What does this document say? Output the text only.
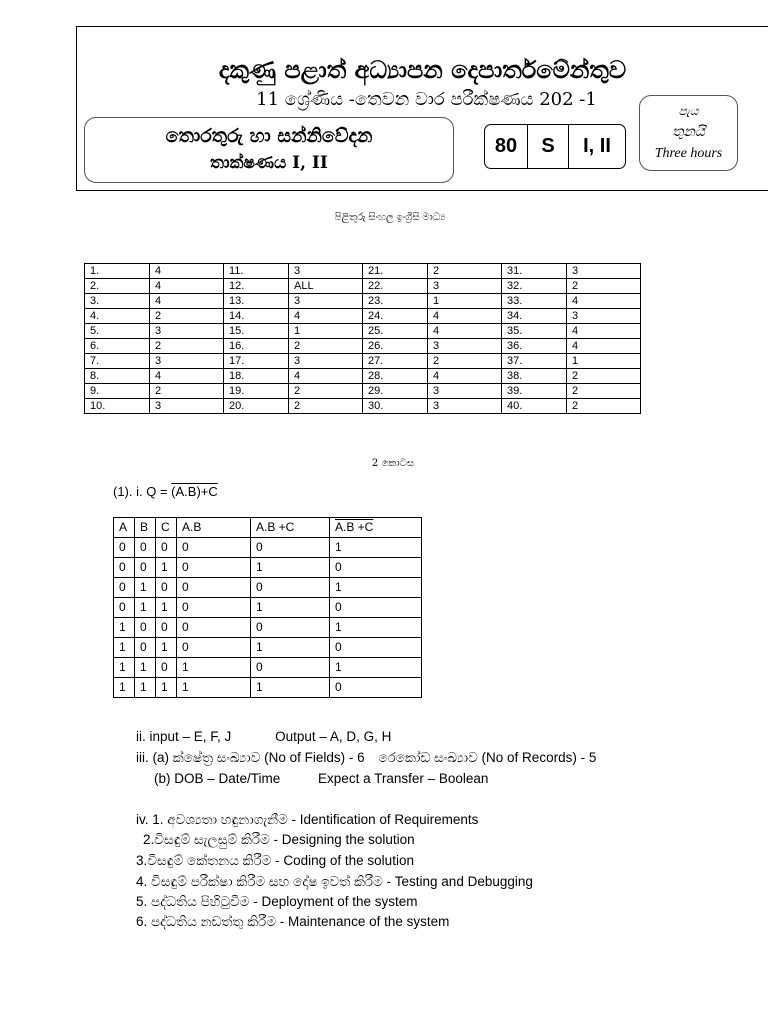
දකුණු පළාත් අධ්‍යාපන දෙපාර්තමේන්තුව
11 ශ්‍රේණිය -තෙවන වාර පරීක්ෂණය 202 -1
තොරතුරු හා සන්නිවේදන
තාක්ෂණය I, II
80	S	I, II
පැය
තුනයි
Three hours
පිළිතුරු සිංහල ඉංග්‍රීසි මාධ්‍ය
1.	4	11.	3	21.	2	31.	3
2.	4	12.	ALL	22.	3	32.	2
3.	4	13.	3	23.	1	33.	4
4.	2	14.	4	24.	4	34.	3
5.	3	15.	1	25.	4	35.	4
6.	2	16.	2	26.	3	36.	4
7.	3	17.	3	27.	2	37.	1
8.	4	18.	4	28.	4	38.	2
9.	2	19.	2	29.	3	39.	2
10.	3	20.	2	30.	3	40.	2
2 කොටස
(1). i. Q = (A.B)+C
A	B	C	A.B	A.B +C	A.B +C
0	0	0	0	0	1
0	0	1	0	1	0
0	1	0	0	0	1
0	1	1	0	1	0
1	0	0	0	0	1
1	0	1	0	1	0
1	1	0	1	0	1
1	1	1	1	1	0
ii. input – E, F, J	Output – A, D, G, H
iii. (a) ක්ෂේත්‍ර සංඛ්‍යාව (No of Fields) - 6 රෙකෝඩ සංඛ්‍යාව (No of Records) - 5
(b) DOB – Date/Time	Expect a Transfer – Boolean
iv. 1. අවශ්‍යතා හඳුනාගැනීම - Identification of Requirements
2.විසඳුම් සැලසුම් කිරීම - Designing the solution
3.විසඳුම් කේතනය කිරීම - Coding of the solution
4. විසඳුම් පරීක්ෂා කිරීම සහ දෝෂ ඉවත් කිරීම - Testing and Debugging
5. පද්ධතිය පිහිටුවීම - Deployment of the system
6. පද්ධතිය නඩත්තු කිරීම - Maintenance of the system
